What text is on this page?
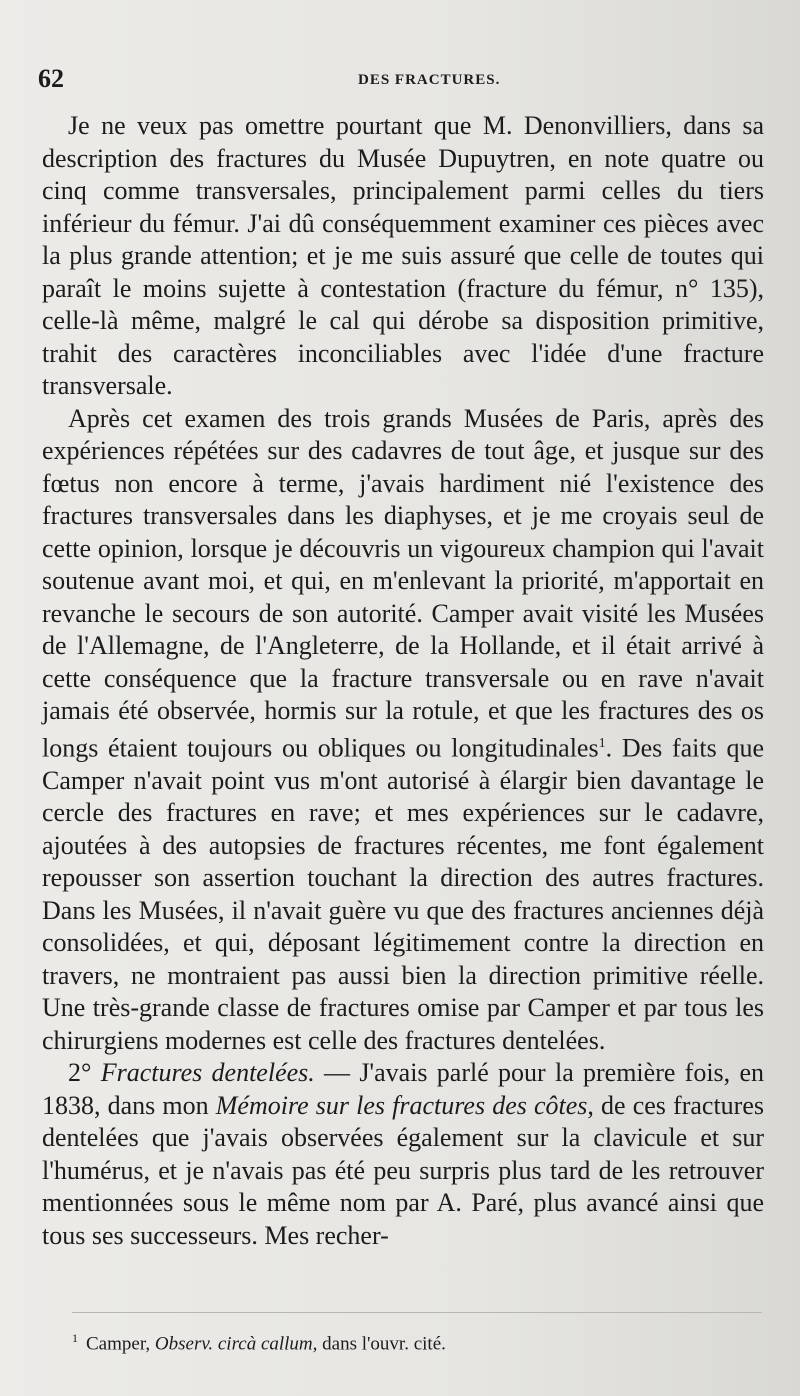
62	DES FRACTURES.

Je ne veux pas omettre pourtant que M. Denonvilliers, dans sa description des fractures du Musée Dupuytren, en note quatre ou cinq comme transversales, principalement parmi celles du tiers inférieur du fémur. J'ai dû conséquemment examiner ces pièces avec la plus grande attention; et je me suis assuré que celle de toutes qui paraît le moins sujette à contestation (fracture du fémur, n° 135), celle-là même, malgré le cal qui dérobe sa disposition primitive, trahit des caractères inconciliables avec l'idée d'une fracture transversale.

Après cet examen des trois grands Musées de Paris, après des expériences répétées sur des cadavres de tout âge, et jusque sur des fœtus non encore à terme, j'avais hardiment nié l'existence des fractures transversales dans les diaphyses, et je me croyais seul de cette opinion, lorsque je découvris un vigoureux champion qui l'avait soutenue avant moi, et qui, en m'enlevant la priorité, m'apportait en revanche le secours de son autorité. Camper avait visité les Musées de l'Allemagne, de l'Angleterre, de la Hollande, et il était arrivé à cette conséquence que la fracture transversale ou en rave n'avait jamais été observée, hormis sur la rotule, et que les fractures des os longs étaient toujours ou obliques ou longitudinales$^1$. Des faits que Camper n'avait point vus m'ont autorisé à élargir bien davantage le cercle des fractures en rave; et mes expériences sur le cadavre, ajoutées à des autopsies de fractures récentes, me font également repousser son assertion touchant la direction des autres fractures. Dans les Musées, il n'avait guère vu que des fractures anciennes déjà consolidées, et qui, déposant légitimement contre la direction en travers, ne montraient pas aussi bien la direction primitive réelle. Une très-grande classe de fractures omise par Camper et par tous les chirurgiens modernes est celle des fractures dentelées.

2° Fractures dentelées. — J'avais parlé pour la première fois, en 1838, dans mon Mémoire sur les fractures des côtes, de ces fractures dentelées que j'avais observées également sur la clavicule et sur l'humérus, et je n'avais pas été peu surpris plus tard de les retrouver mentionnées sous le même nom par A. Paré, plus avancé ainsi que tous ses successeurs. Mes recher-

$^1$ Camper, Observ. circà callum, dans l'ouvr. cité.
